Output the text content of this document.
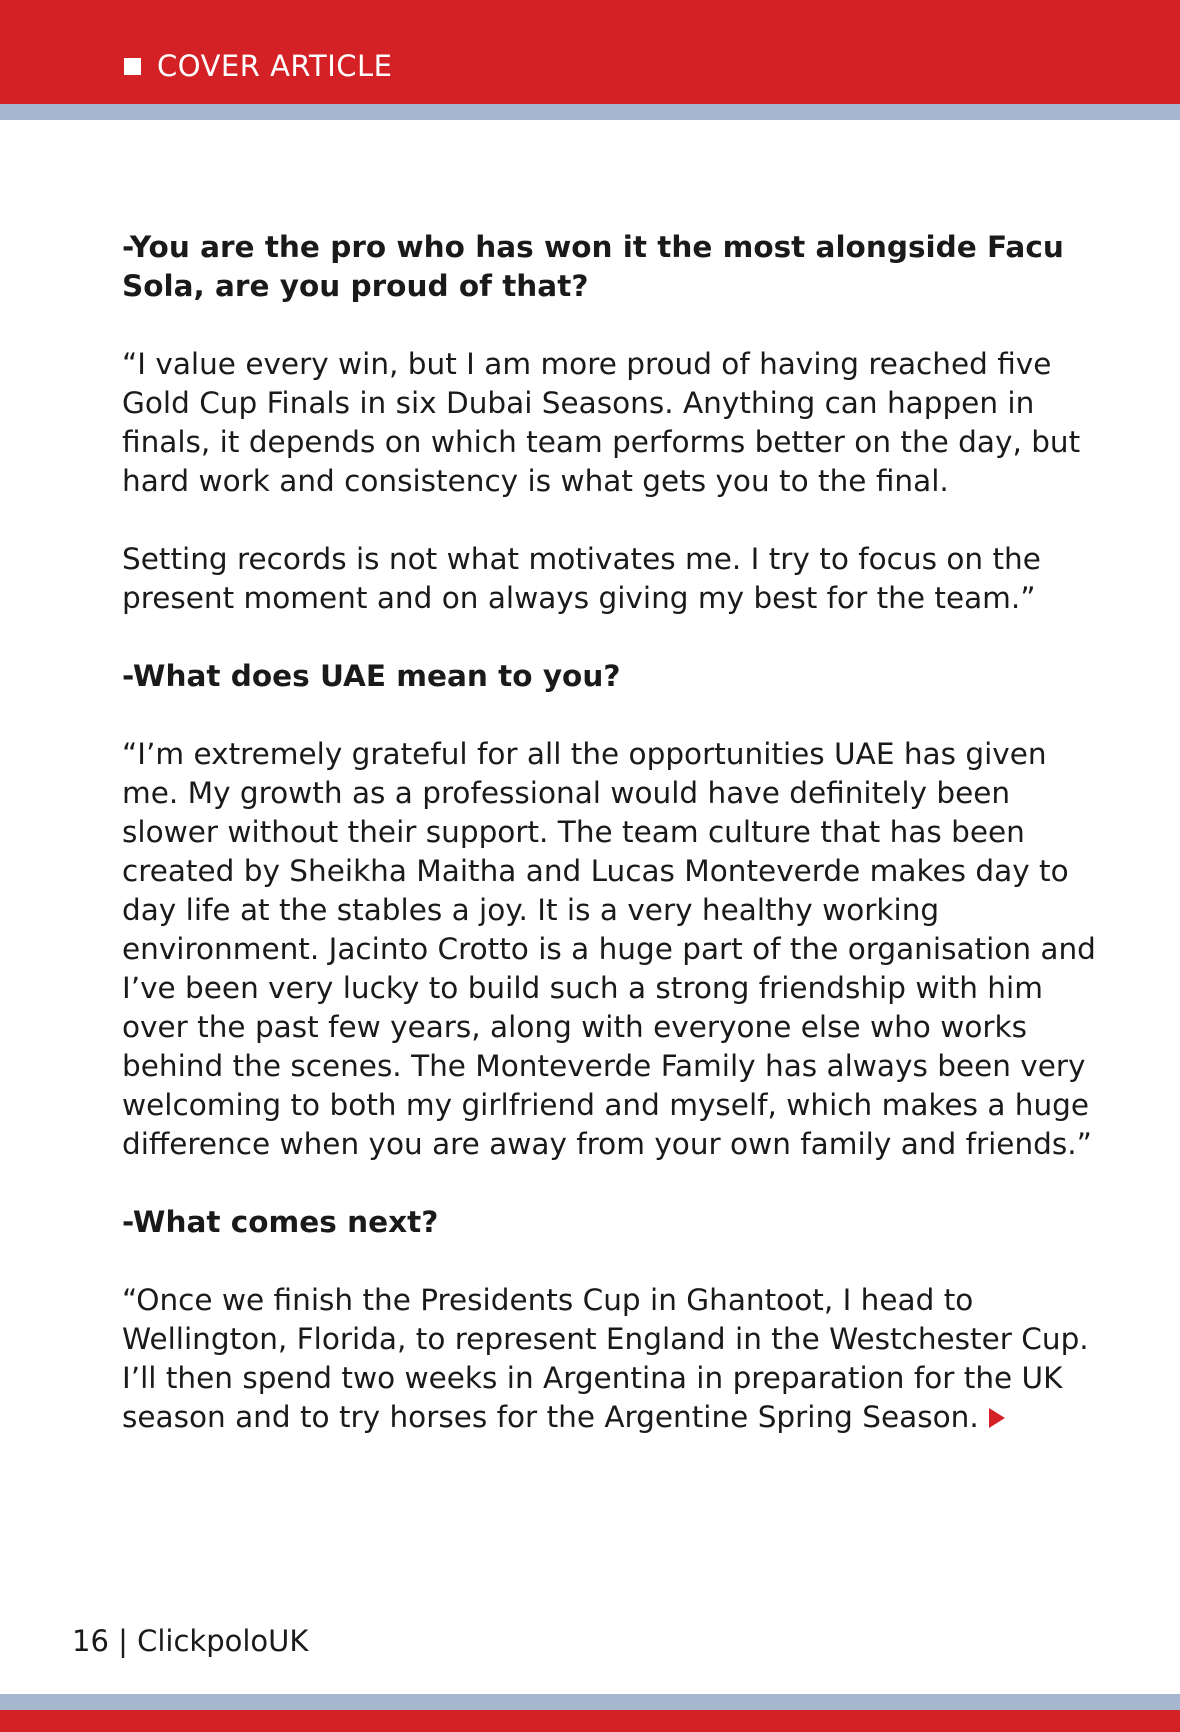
COVER ARTICLE

-You are the pro who has won it the most alongside Facu Sola, are you proud of that?

“I value every win, but I am more proud of having reached five Gold Cup Finals in six Dubai Seasons. Anything can happen in finals, it depends on which team performs better on the day, but hard work and consistency is what gets you to the final.

Setting records is not what motivates me. I try to focus on the present moment and on always giving my best for the team.”

-What does UAE mean to you?

“I’m extremely grateful for all the opportunities UAE has given me. My growth as a professional would have definitely been slower without their support. The team culture that has been created by Sheikha Maitha and Lucas Monteverde makes day to day life at the stables a joy. It is a very healthy working environment. Jacinto Crotto is a huge part of the organisation and I’ve been very lucky to build such a strong friendship with him over the past few years, along with everyone else who works behind the scenes. The Monteverde Family has always been very welcoming to both my girlfriend and myself, which makes a huge difference when you are away from your own family and friends.”

-What comes next?

“Once we finish the Presidents Cup in Ghantoot, I head to Wellington, Florida, to represent England in the Westchester Cup. I’ll then spend two weeks in Argentina in preparation for the UK season and to try horses for the Argentine Spring Season.

16 | ClickpoloUK
